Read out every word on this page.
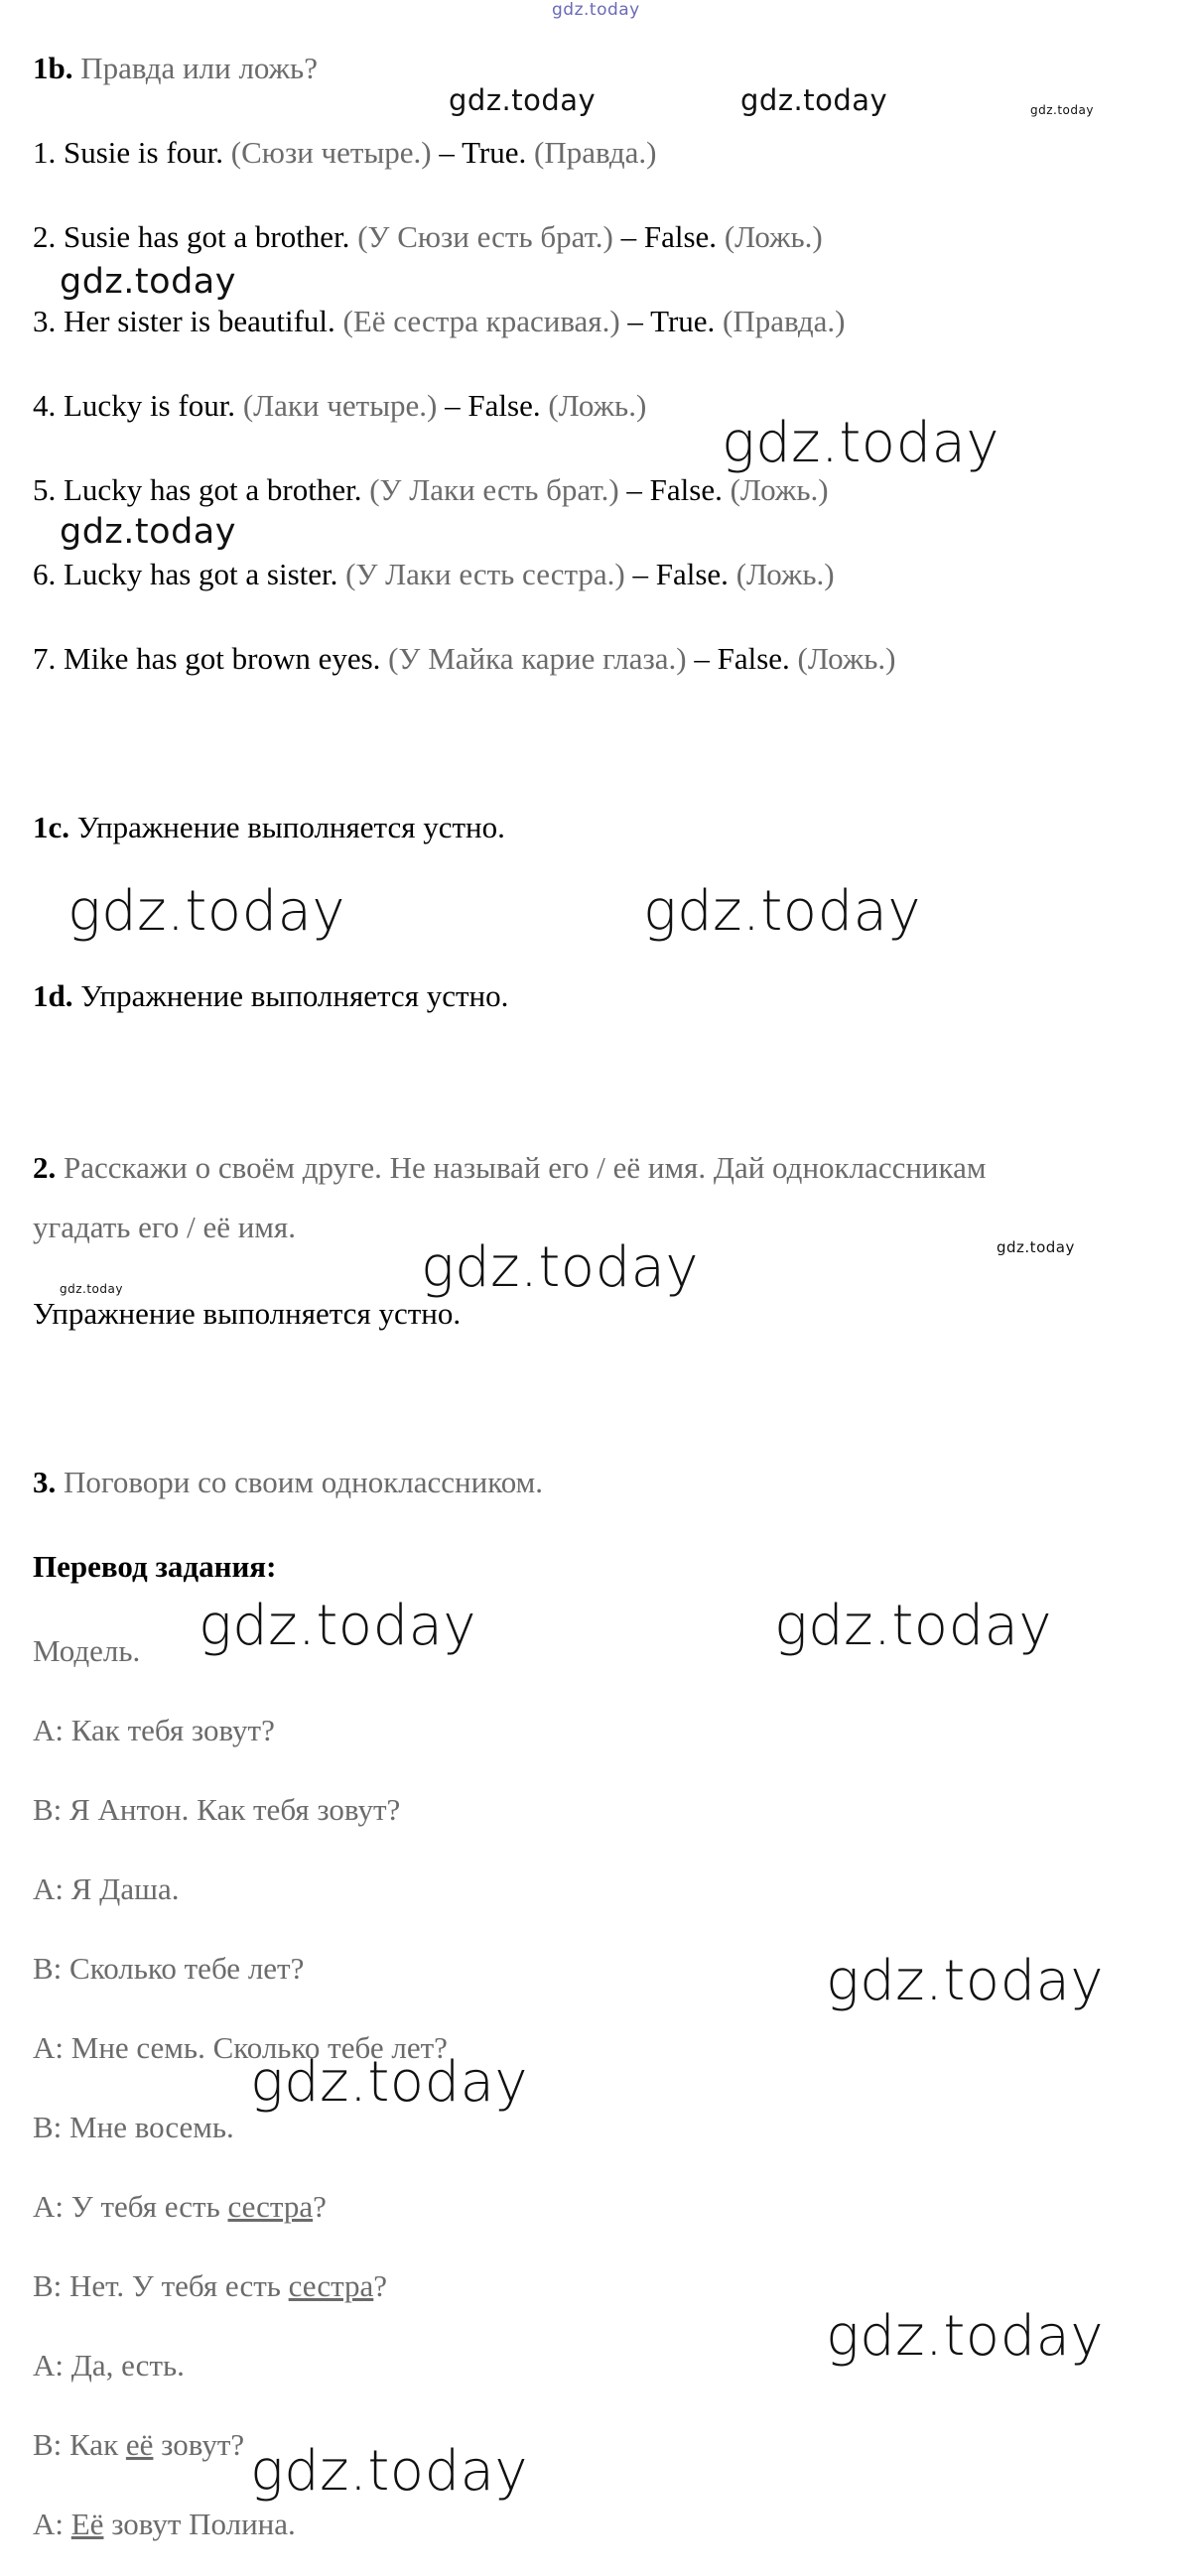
gdz.today
gdz.today	gdz.today	gdz.today
gdz.today
gdz.today
gdz.today
gdz.today	gdz.today
gdz.today	gdz.today
gdz.today
gdz.today	gdz.today
gdz.today
gdz.today
gdz.today
gdz.today
1b. Правда или ложь?
1. Susie is four. (Сюзи четыре.) – True. (Правда.)
2. Susie has got a brother. (У Сюзи есть брат.) – False. (Ложь.)
3. Her sister is beautiful. (Её сестра красивая.) – True. (Правда.)
4. Lucky is four. (Лаки четыре.) – False. (Ложь.)
5. Lucky has got a brother. (У Лаки есть брат.) – False. (Ложь.)
6. Lucky has got a sister. (У Лаки есть сестра.) – False. (Ложь.)
7. Mike has got brown eyes. (У Майка карие глаза.) – False. (Ложь.)
1c. Упражнение выполняется устно.
1d. Упражнение выполняется устно.
2. Расскажи о своём друге. Не называй его / её имя. Дай одноклассникам
угадать его / её имя.
Упражнение выполняется устно.
3. Поговори со своим одноклассником.
Перевод задания:
Модель.
А: Как тебя зовут?
В: Я Антон. Как тебя зовут?
А: Я Даша.
В: Сколько тебе лет?
А: Мне семь. Сколько тебе лет?
В: Мне восемь.
А: У тебя есть сестра?
В: Нет. У тебя есть сестра?
А: Да, есть.
В: Как её зовут?
А: Её зовут Полина.
